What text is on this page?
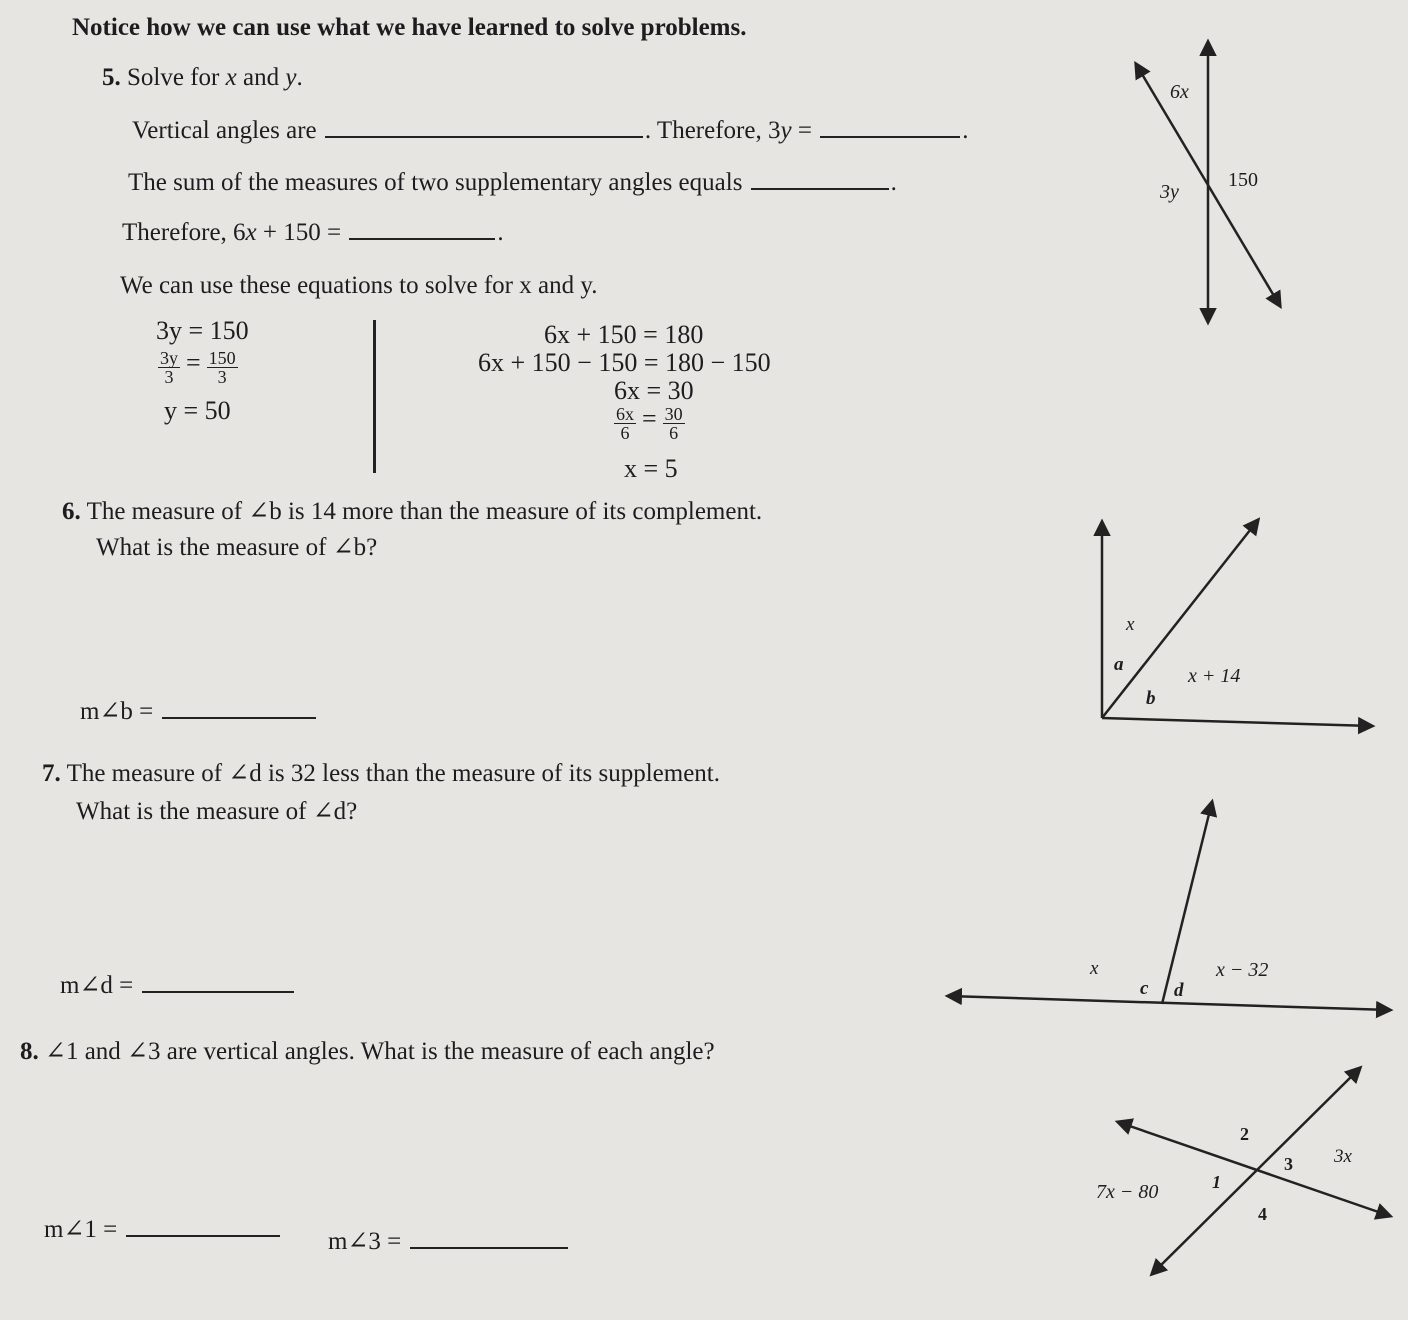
Notice how we can use what we have learned to solve problems.
5. Solve for x and y.
Vertical angles are	. Therefore, 3y =	.
The sum of the measures of two supplementary angles equals	.
Therefore, 6x + 150 =	.
We can use these equations to solve for x and y.
3y = 150
$\frac{3y}{3} = \frac{150}{3}$
y = 50
6x + 150 = 180
6x + 150 − 150 = 180 − 150
6x = 30
$\frac{6x}{6} = \frac{30}{6}$
x = 5
6. The measure of ∠b is 14 more than the measure of its complement.
What is the measure of ∠b?
m∠b =
7. The measure of ∠d is 32 less than the measure of its supplement.
What is the measure of ∠d?
m∠d =
8. ∠1 and ∠3 are vertical angles. What is the measure of each angle?
m∠1 =	m∠3 =
6x
3y
150
x
a
b
x + 14
x
c d
x − 32
2
3 3x
1
4
7x − 80
